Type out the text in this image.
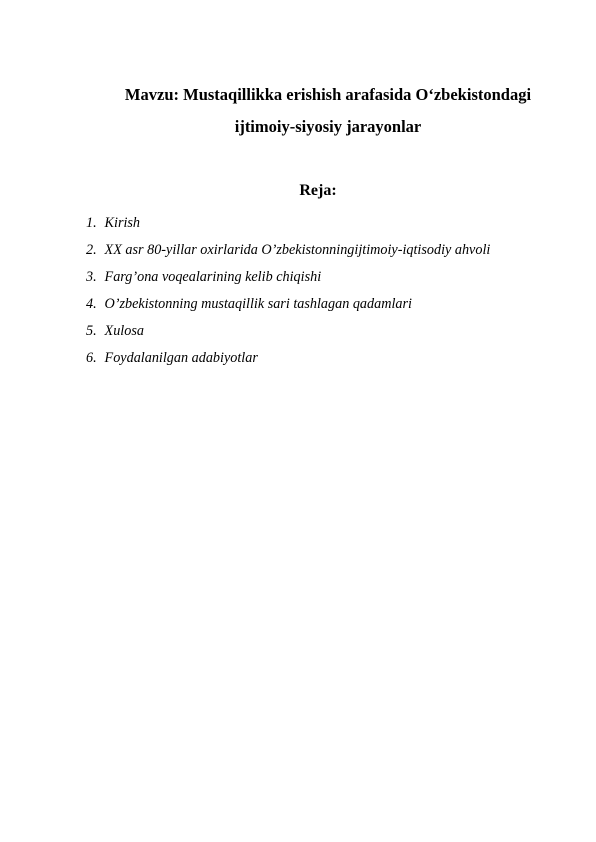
Mavzu: Mustaqillikka erishish arafasida O‘zbekistondagi
ijtimoiy-siyosiy jarayonlar
Reja:
1. Kirish
2. XX asr 80-yillar oxirlarida O’zbekistonningijtimoiy-iqtisodiy ahvoli
3. Farg’ona voqealarining kelib chiqishi
4. O’zbekistonning mustaqillik sari tashlagan qadamlari
5. Xulosa
6. Foydalanilgan adabiyotlar
